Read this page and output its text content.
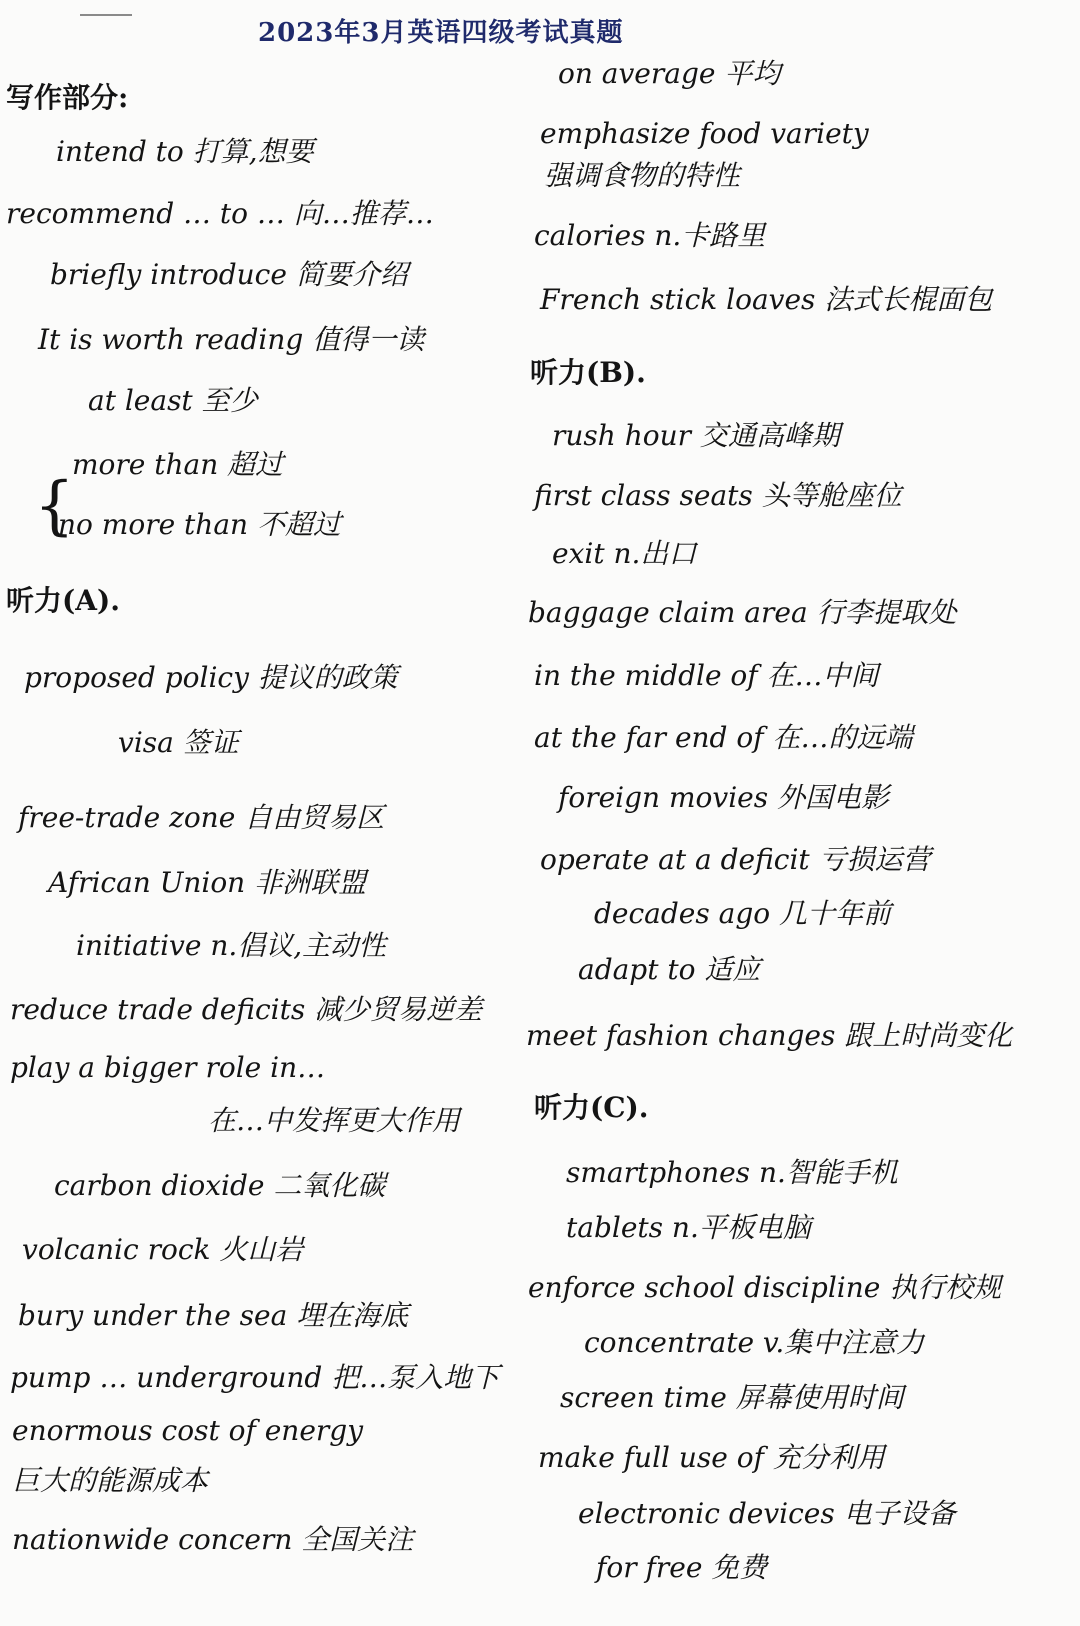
2023年3月英语四级考试真题
写作部分:
intend to 打算,想要
recommend … to … 向…推荐…
briefly introduce 简要介绍
It is worth reading 值得一读
at least 至少
more than 超过
{
no more than 不超过
听力(A).
proposed policy 提议的政策
visa 签证
free-trade zone 自由贸易区
African Union 非洲联盟
initiative n.倡议,主动性
reduce trade deficits 减少贸易逆差
play a bigger role in…
在…中发挥更大作用
carbon dioxide 二氧化碳
volcanic rock 火山岩
bury under the sea 埋在海底
pump … underground 把…泵入地下
enormous cost of energy
巨大的能源成本
nationwide concern 全国关注
on average 平均
emphasize food variety
强调食物的特性
calories n.卡路里
French stick loaves 法式长棍面包
听力(B).
rush hour 交通高峰期
first class seats 头等舱座位
exit n.出口
baggage claim area 行李提取处
in the middle of 在…中间
at the far end of 在…的远端
foreign movies 外国电影
operate at a deficit 亏损运营
decades ago 几十年前
adapt to 适应
meet fashion changes 跟上时尚变化
听力(C).
smartphones n.智能手机
tablets n.平板电脑
enforce school discipline 执行校规
concentrate v.集中注意力
screen time 屏幕使用时间
make full use of 充分利用
electronic devices 电子设备
for free 免费
